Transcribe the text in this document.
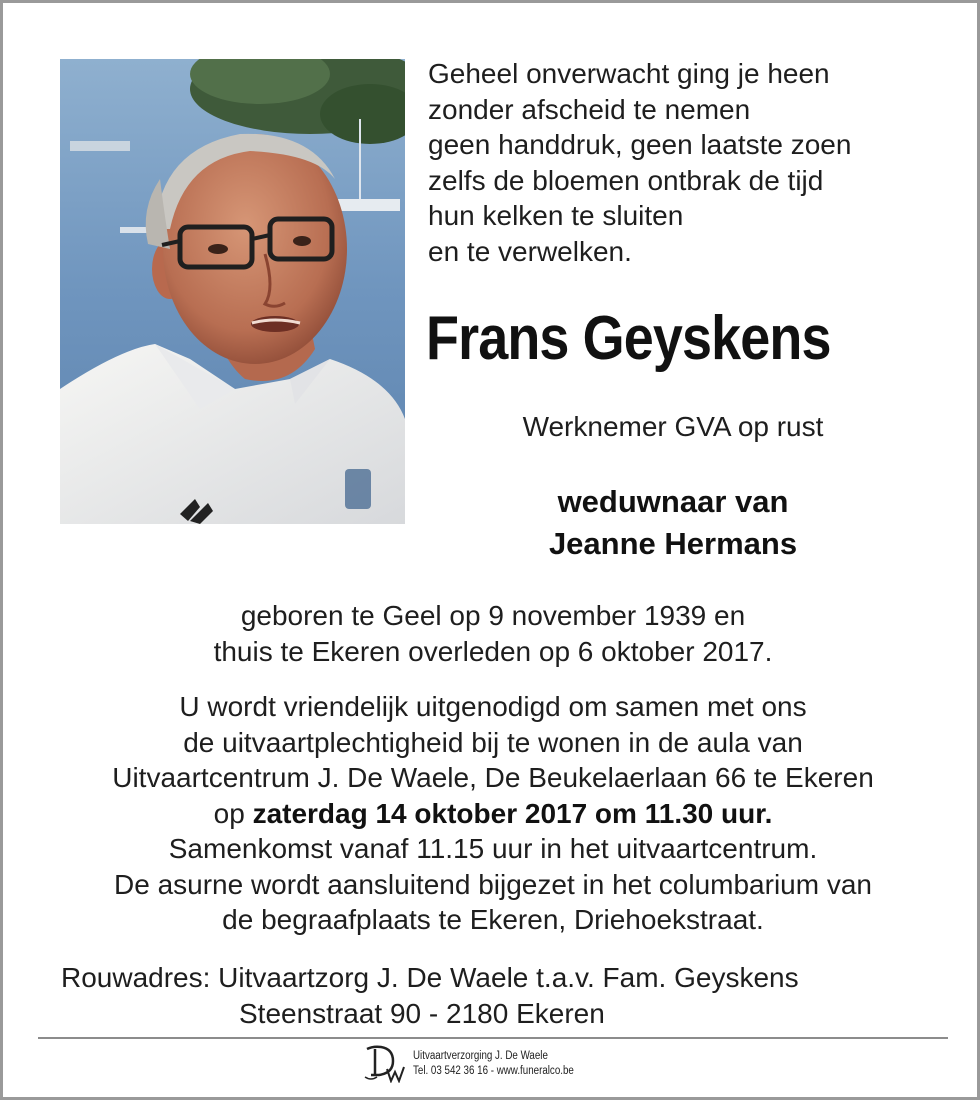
Geheel onverwacht ging je heen
zonder afscheid te nemen
geen handdruk, geen laatste zoen
zelfs de bloemen ontbrak de tijd
hun kelken te sluiten
en te verwelken.
Frans Geyskens
Werknemer GVA op rust
weduwnaar van
Jeanne Hermans
geboren te Geel op 9 november 1939 en
thuis te Ekeren overleden op 6 oktober 2017.
U wordt vriendelijk uitgenodigd om samen met ons
de uitvaartplechtigheid bij te wonen in de aula van
Uitvaartcentrum J. De Waele, De Beukelaerlaan 66 te Ekeren
op zaterdag 14 oktober 2017 om 11.30 uur.
Samenkomst vanaf 11.15 uur in het uitvaartcentrum.
De asurne wordt aansluitend bijgezet in het columbarium van
de begraafplaats te Ekeren, Driehoekstraat.
Rouwadres: Uitvaartzorg J. De Waele t.a.v. Fam. Geyskens
Steenstraat 90 - 2180 Ekeren
Uitvaartverzorging J. De Waele
Tel. 03 542 36 16 - www.funeralco.be
